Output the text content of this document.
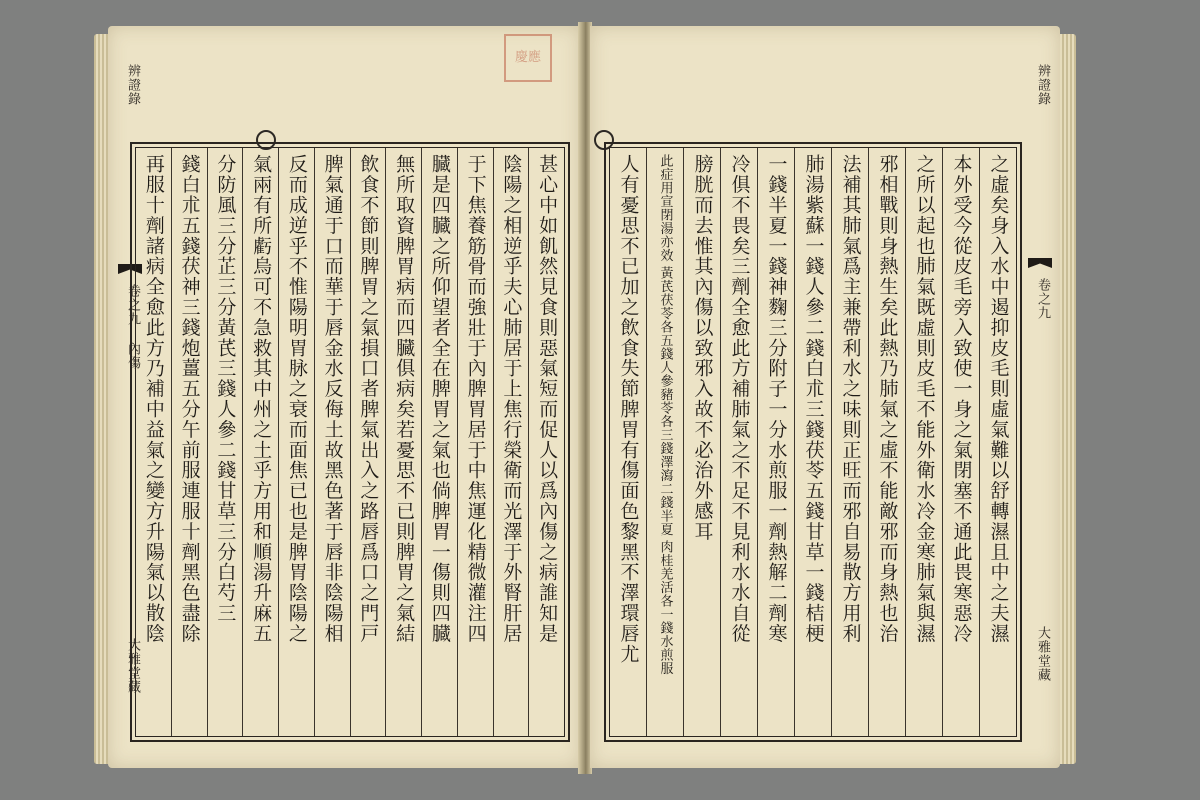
慶應
辨證錄
卷之九 內傷
大雅堂藏
甚心中如飢然見食則惡氣短而促人以爲內傷之病誰知是
陰陽之相逆乎夫心肺居于上焦行榮衛而光澤于外腎肝居
于下焦養筋骨而強壯于內脾胃居于中焦運化精微灌注四
臓是四臓之所仰望者全在脾胃之氣也倘脾胃一傷則四臓
無所取資脾胃病而四臓俱病矣若憂思不已則脾胃之氣結
飲食不節則脾胃之氣損口者脾氣出入之路唇爲口之門戸
脾氣通于口而華于唇金水反侮土故黑色著于唇非陰陽相
反而成逆乎不惟陽明胃脉之衰而面焦已也是脾胃陰陽之
氣兩有所虧烏可不急救其中州之土乎方用和順湯升麻五
分防風三分芷三分黃芪三錢人參二錢甘草三分白芍三
錢白朮五錢茯神三錢炮薑五分午前服連服十劑黑色盡除
再服十劑諸病全愈此方乃補中益氣之變方升陽氣以散陰	之虛矣身入水中遏抑皮毛則虛氣難以舒轉濕且中之夫濕
本外受今從皮毛旁入致使一身之氣閉塞不通此畏寒惡冷
之所以起也肺氣既虛則皮毛不能外衛水冷金寒肺氣與濕
邪相戰則身熱生矣此熱乃肺氣之虛不能敵邪而身熱也治
法補其肺氣爲主兼帶利水之味則正旺而邪自易散方用利
肺湯紫蘇一錢人參二錢白朮三錢茯苓五錢甘草一錢桔梗
一錢半夏一錢神麴三分附子一分水煎服一劑熱解二劑寒
冷俱不畏矣三劑全愈此方補肺氣之不足不見利水水自從
膀胱而去惟其內傷以致邪入故不必治外感耳
此症用宣閉湯亦效
黃芪茯苓各五錢人參豬苓各三錢澤瀉二錢半夏
肉桂羌活各一錢水煎服
人有憂思不已加之飲食失節脾胃有傷面色黎黑不澤環唇尤
辨證錄
卷之九
大雅堂藏
